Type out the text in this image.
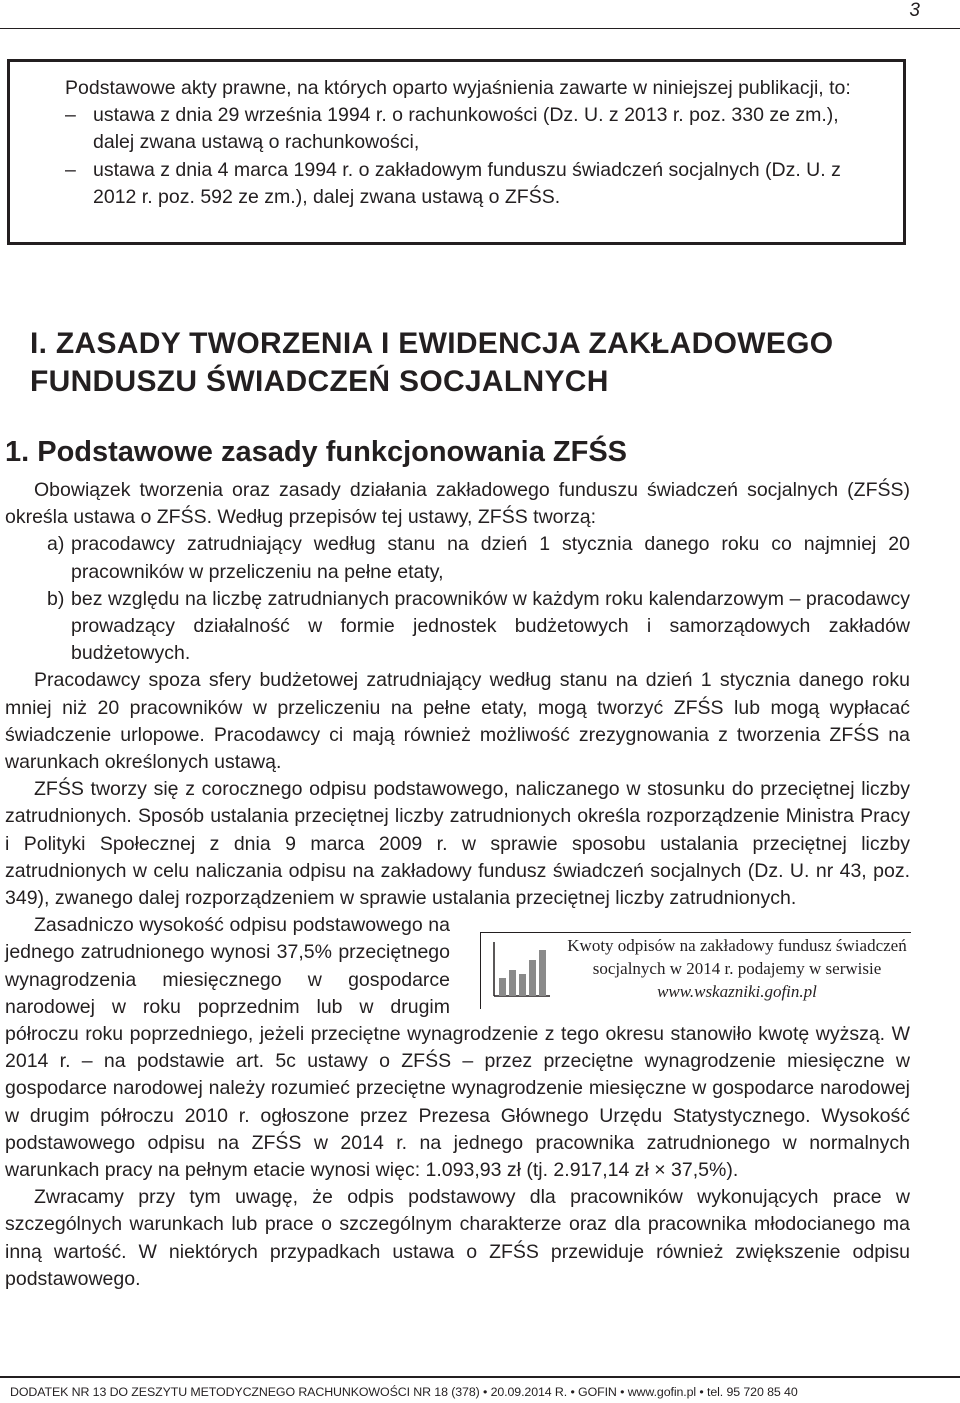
3

Podstawowe akty prawne, na których oparto wyjaśnienia zawarte w niniejszej publikacji, to:

– ustawa z dnia 29 września 1994 r. o rachunkowości (Dz. U. z 2013 r. poz. 330 ze zm.), dalej zwana ustawą o rachunkowości,
– ustawa z dnia 4 marca 1994 r. o zakładowym funduszu świadczeń socjalnych (Dz. U. z 2012 r. poz. 592 ze zm.), dalej zwana ustawą o ZFŚS.
I. ZASADY TWORZENIA I EWIDENCJA ZAKŁADOWEGO
FUNDUSZU ŚWIADCZEŃ SOCJALNYCH
1. Podstawowe zasady funkcjonowania ZFŚS

Obowiązek tworzenia oraz zasady działania zakładowego funduszu świadczeń socjalnych (ZFŚS) określa ustawa o ZFŚS. Według przepisów tej ustawy, ZFŚS tworzą:

a) pracodawcy zatrudniający według stanu na dzień 1 stycznia danego roku co najmniej 20 pracowników w przeliczeniu na pełne etaty,
b) bez względu na liczbę zatrudnianych pracowników w każdym roku kalendarzowym – pracodawcy prowadzący działalność w formie jednostek budżetowych i samorządowych zakładów budżetowych.

Pracodawcy spoza sfery budżetowej zatrudniający według stanu na dzień 1 stycznia danego roku mniej niż 20 pracowników w przeliczeniu na pełne etaty, mogą tworzyć ZFŚS lub mogą wypłacać świadczenie urlopowe. Pracodawcy ci mają również możliwość zrezygnowania z tworzenia ZFŚS na warunkach określonych ustawą.

ZFŚS tworzy się z corocznego odpisu podstawowego, naliczanego w stosunku do przeciętnej liczby zatrudnionych. Sposób ustalania przeciętnej liczby zatrudnionych określa rozporządzenie Ministra Pracy i Polityki Społecznej z dnia 9 marca 2009 r. w sprawie sposobu ustalania przeciętnej liczby zatrudnionych w celu naliczania odpisu na zakładowy fundusz świadczeń socjalnych (Dz. U. nr 43, poz. 349), zwanego dalej rozporządzeniem w sprawie ustalania przeciętnej liczby zatrudnionych.

Kwoty odpisów na zakładowy fundusz świadczeń socjalnych w 2014 r. podajemy w serwisie www.wskazniki.gofin.pl

Zasadniczo wysokość odpisu podstawowego na jednego zatrudnionego wynosi 37,5% przeciętnego wynagrodzenia miesięcznego w gospodarce narodowej w roku poprzednim lub w drugim półroczu roku poprzedniego, jeżeli przeciętne wynagrodzenie z tego okresu stanowiło kwotę wyższą. W 2014 r. – na podstawie art. 5c ustawy o ZFŚS – przez przeciętne wynagrodzenie miesięczne w gospodarce narodowej należy rozumieć przeciętne wynagrodzenie miesięczne w gospodarce narodowej w drugim półroczu 2010 r. ogłoszone przez Prezesa Głównego Urzędu Statystycznego. Wysokość podstawowego odpisu na ZFŚS w 2014 r. na jednego pracownika zatrudnionego w normalnych warunkach pracy na pełnym etacie wynosi więc: 1.093,93 zł (tj. 2.917,14 zł × 37,5%).

Zwracamy przy tym uwagę, że odpis podstawowy dla pracowników wykonujących prace w szczególnych warunkach lub prace o szczególnym charakterze oraz dla pracownika młodocianego ma inną wartość. W niektórych przypadkach ustawa o ZFŚS przewiduje również zwiększenie odpisu podstawowego.

DODATEK NR 13 DO ZESZYTU METODYCZNEGO RACHUNKOWOŚCI NR 18 (378) • 20.09.2014 R. • GOFIN • www.gofin.pl • tel. 95 720 85 40
